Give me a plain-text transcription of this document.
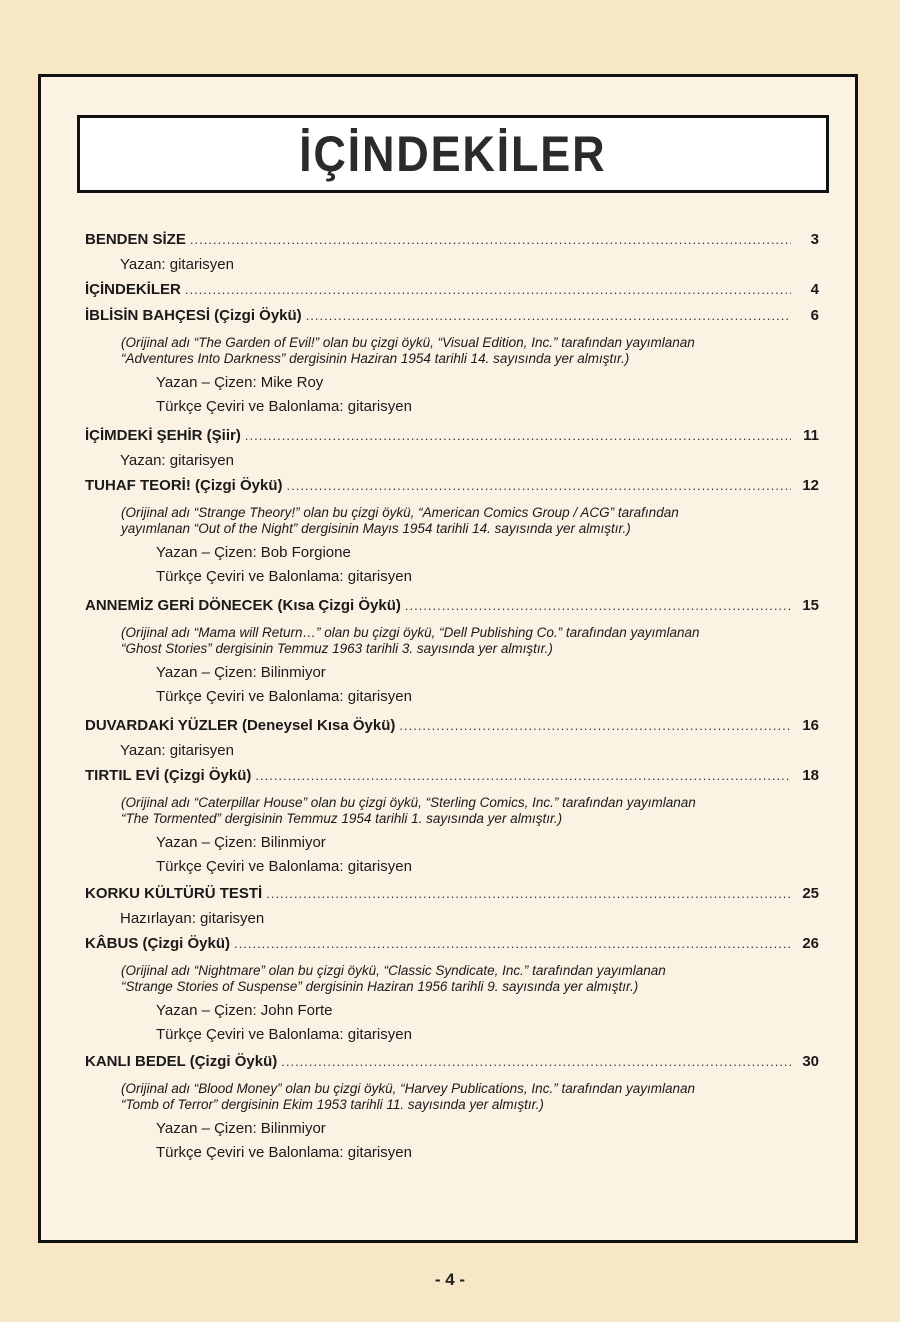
İÇİNDEKİLER
BENDEN SİZE .....	3
Yazan: gitarisyen
İÇİNDEKİLER .....	4
İBLİSİN BAHÇESİ (Çizgi Öykü) .....	6
(Orijinal adı “The Garden of Evil!” olan bu çizgi öykü, “Visual Edition, Inc.” tarafından yayımlanan
“Adventures Into Darkness” dergisinin Haziran 1954 tarihli 14. sayısında yer almıştır.)
Yazan – Çizen: Mike Roy
Türkçe Çeviri ve Balonlama: gitarisyen
İÇİMDEKİ ŞEHİR (Şiir) .....	11
Yazan: gitarisyen
TUHAF TEORİ! (Çizgi Öykü) .....	12
(Orijinal adı “Strange Theory!” olan bu çizgi öykü, “American Comics Group / ACG” tarafından
yayımlanan “Out of the Night” dergisinin Mayıs 1954 tarihli 14. sayısında yer almıştır.)
Yazan – Çizen: Bob Forgione
Türkçe Çeviri ve Balonlama: gitarisyen
ANNEMİZ GERİ DÖNECEK (Kısa Çizgi Öykü) .....	15
(Orijinal adı “Mama will Return…” olan bu çizgi öykü, “Dell Publishing Co.” tarafından yayımlanan
“Ghost Stories” dergisinin Temmuz 1963 tarihli 3. sayısında yer almıştır.)
Yazan – Çizen: Bilinmiyor
Türkçe Çeviri ve Balonlama: gitarisyen
DUVARDAKİ YÜZLER (Deneysel Kısa Öykü) .....	16
Yazan: gitarisyen
TIRTIL EVİ (Çizgi Öykü) .....	18
(Orijinal adı “Caterpillar House” olan bu çizgi öykü, “Sterling Comics, Inc.” tarafından yayımlanan
“The Tormented” dergisinin Temmuz 1954 tarihli 1. sayısında yer almıştır.)
Yazan – Çizen: Bilinmiyor
Türkçe Çeviri ve Balonlama: gitarisyen
KORKU KÜLTÜRÜ TESTİ .....	25
Hazırlayan: gitarisyen
KÂBUS (Çizgi Öykü) .....	26
(Orijinal adı “Nightmare” olan bu çizgi öykü, “Classic Syndicate, Inc.” tarafından yayımlanan
“Strange Stories of Suspense” dergisinin Haziran 1956 tarihli 9. sayısında yer almıştır.)
Yazan – Çizen: John Forte
Türkçe Çeviri ve Balonlama: gitarisyen
KANLI BEDEL (Çizgi Öykü) .....	30
(Orijinal adı “Blood Money” olan bu çizgi öykü, “Harvey Publications, Inc.” tarafından yayımlanan
“Tomb of Terror” dergisinin Ekim 1953 tarihli 11. sayısında yer almıştır.)
Yazan – Çizen: Bilinmiyor
Türkçe Çeviri ve Balonlama: gitarisyen
- 4 -
